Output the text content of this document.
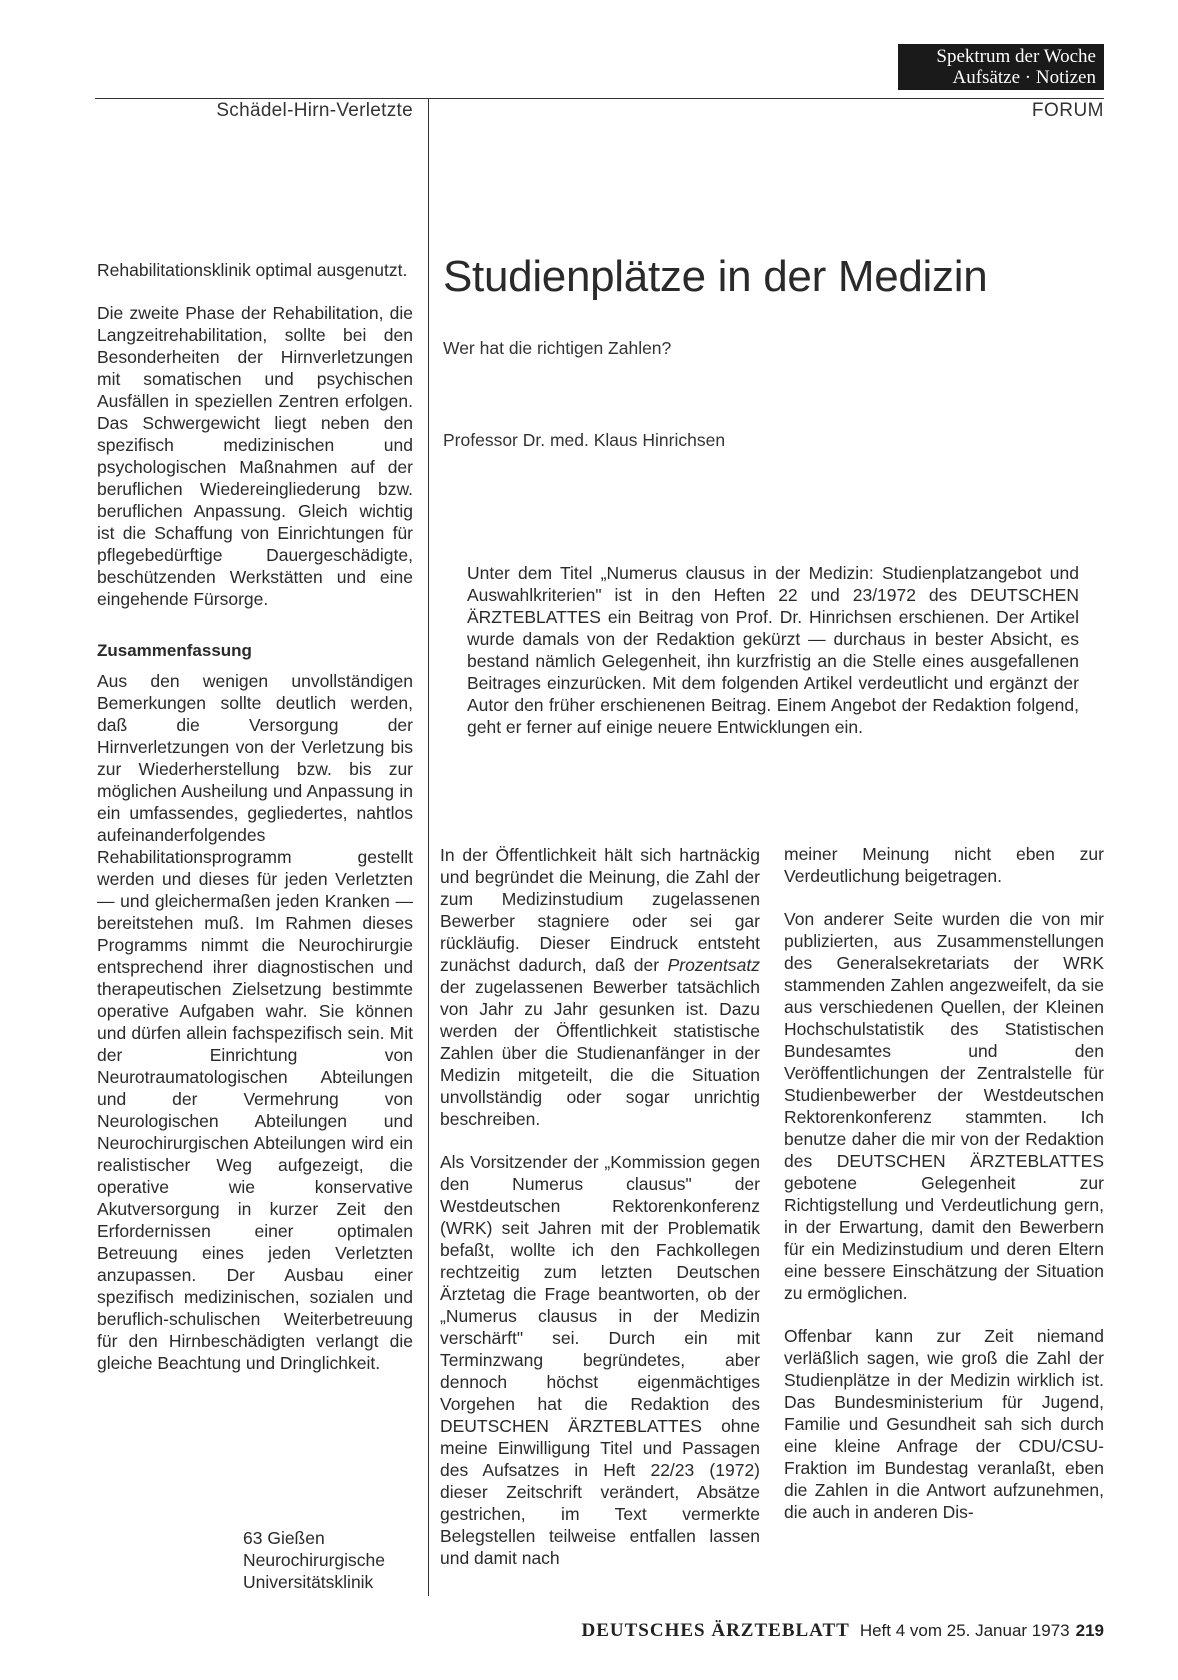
Spektrum der Woche
Aufsätze · Notizen
Schädel-Hirn-Verletzte	FORUM

Rehabilitationsklinik optimal ausgenutzt.

Die zweite Phase der Rehabilitation, die Langzeitrehabilitation, sollte bei den Besonderheiten der Hirnverletzungen mit somatischen und psychischen Ausfällen in speziellen Zentren erfolgen. Das Schwergewicht liegt neben den spezifisch medizinischen und psychologischen Maßnahmen auf der beruflichen Wiedereingliederung bzw. beruflichen Anpassung. Gleich wichtig ist die Schaffung von Einrichtungen für pflegebedürftige Dauergeschädigte, beschützenden Werkstätten und eine eingehende Fürsorge.

Zusammenfassung

Aus den wenigen unvollständigen Bemerkungen sollte deutlich werden, daß die Versorgung der Hirnverletzungen von der Verletzung bis zur Wiederherstellung bzw. bis zur möglichen Ausheilung und Anpassung in ein umfassendes, gegliedertes, nahtlos aufeinanderfolgendes Rehabilitationsprogramm gestellt werden und dieses für jeden Verletzten — und gleichermaßen jeden Kranken — bereitstehen muß. Im Rahmen dieses Programms nimmt die Neurochirurgie entsprechend ihrer diagnostischen und therapeutischen Zielsetzung bestimmte operative Aufgaben wahr. Sie können und dürfen allein fachspezifisch sein. Mit der Einrichtung von Neurotraumatologischen Abteilungen und der Vermehrung von Neurologischen Abteilungen und Neurochirurgischen Abteilungen wird ein realistischer Weg aufgezeigt, die operative wie konservative Akutversorgung in kurzer Zeit den Erfordernissen einer optimalen Betreuung eines jeden Verletzten anzupassen. Der Ausbau einer spezifisch medizinischen, sozialen und beruflich-schulischen Weiterbetreuung für den Hirnbeschädigten verlangt die gleiche Beachtung und Dringlichkeit.

63 Gießen
Neurochirurgische
Universitätsklinik
Studienplätze in der Medizin
Wer hat die richtigen Zahlen?
Professor Dr. med. Klaus Hinrichsen
Unter dem Titel „Numerus clausus in der Medizin: Studienplatzangebot und Auswahlkriterien" ist in den Heften 22 und 23/1972 des DEUTSCHEN ÄRZTEBLATTES ein Beitrag von Prof. Dr. Hinrichsen erschienen. Der Artikel wurde damals von der Redaktion gekürzt — durchaus in bester Absicht, es bestand nämlich Gelegenheit, ihn kurzfristig an die Stelle eines ausgefallenen Beitrages einzurücken. Mit dem folgenden Artikel verdeutlicht und ergänzt der Autor den früher erschienenen Beitrag. Einem Angebot der Redaktion folgend, geht er ferner auf einige neuere Entwicklungen ein.

In der Öffentlichkeit hält sich hartnäckig und begründet die Meinung, die Zahl der zum Medizinstudium zugelassenen Bewerber stagniere oder sei gar rückläufig. Dieser Eindruck entsteht zunächst dadurch, daß der Prozentsatz der zugelassenen Bewerber tatsächlich von Jahr zu Jahr gesunken ist. Dazu werden der Öffentlichkeit statistische Zahlen über die Studienanfänger in der Medizin mitgeteilt, die die Situation unvollständig oder sogar unrichtig beschreiben.

Als Vorsitzender der „Kommission gegen den Numerus clausus" der Westdeutschen Rektorenkonferenz (WRK) seit Jahren mit der Problematik befaßt, wollte ich den Fachkollegen rechtzeitig zum letzten Deutschen Ärztetag die Frage beantworten, ob der „Numerus clausus in der Medizin verschärft" sei. Durch ein mit Terminzwang begründetes, aber dennoch höchst eigenmächtiges Vorgehen hat die Redaktion des DEUTSCHEN ÄRZTEBLATTES ohne meine Einwilligung Titel und Passagen des Aufsatzes in Heft 22/23 (1972) dieser Zeitschrift verändert, Absätze gestrichen, im Text vermerkte Belegstellen teilweise entfallen lassen und damit nach

meiner Meinung nicht eben zur Verdeutlichung beigetragen.

Von anderer Seite wurden die von mir publizierten, aus Zusammenstellungen des Generalsekretariats der WRK stammenden Zahlen angezweifelt, da sie aus verschiedenen Quellen, der Kleinen Hochschulstatistik des Statistischen Bundesamtes und den Veröffentlichungen der Zentralstelle für Studienbewerber der Westdeutschen Rektorenkonferenz stammten. Ich benutze daher die mir von der Redaktion des DEUTSCHEN ÄRZTEBLATTES gebotene Gelegenheit zur Richtigstellung und Verdeutlichung gern, in der Erwartung, damit den Bewerbern für ein Medizinstudium und deren Eltern eine bessere Einschätzung der Situation zu ermöglichen.

Offenbar kann zur Zeit niemand verläßlich sagen, wie groß die Zahl der Studienplätze in der Medizin wirklich ist. Das Bundesministerium für Jugend, Familie und Gesundheit sah sich durch eine kleine Anfrage der CDU/CSU-Fraktion im Bundestag veranlaßt, eben die Zahlen in die Antwort aufzunehmen, die auch in anderen Dis-

DEUTSCHES ÄRZTEBLATT Heft 4 vom 25. Januar 1973 219
